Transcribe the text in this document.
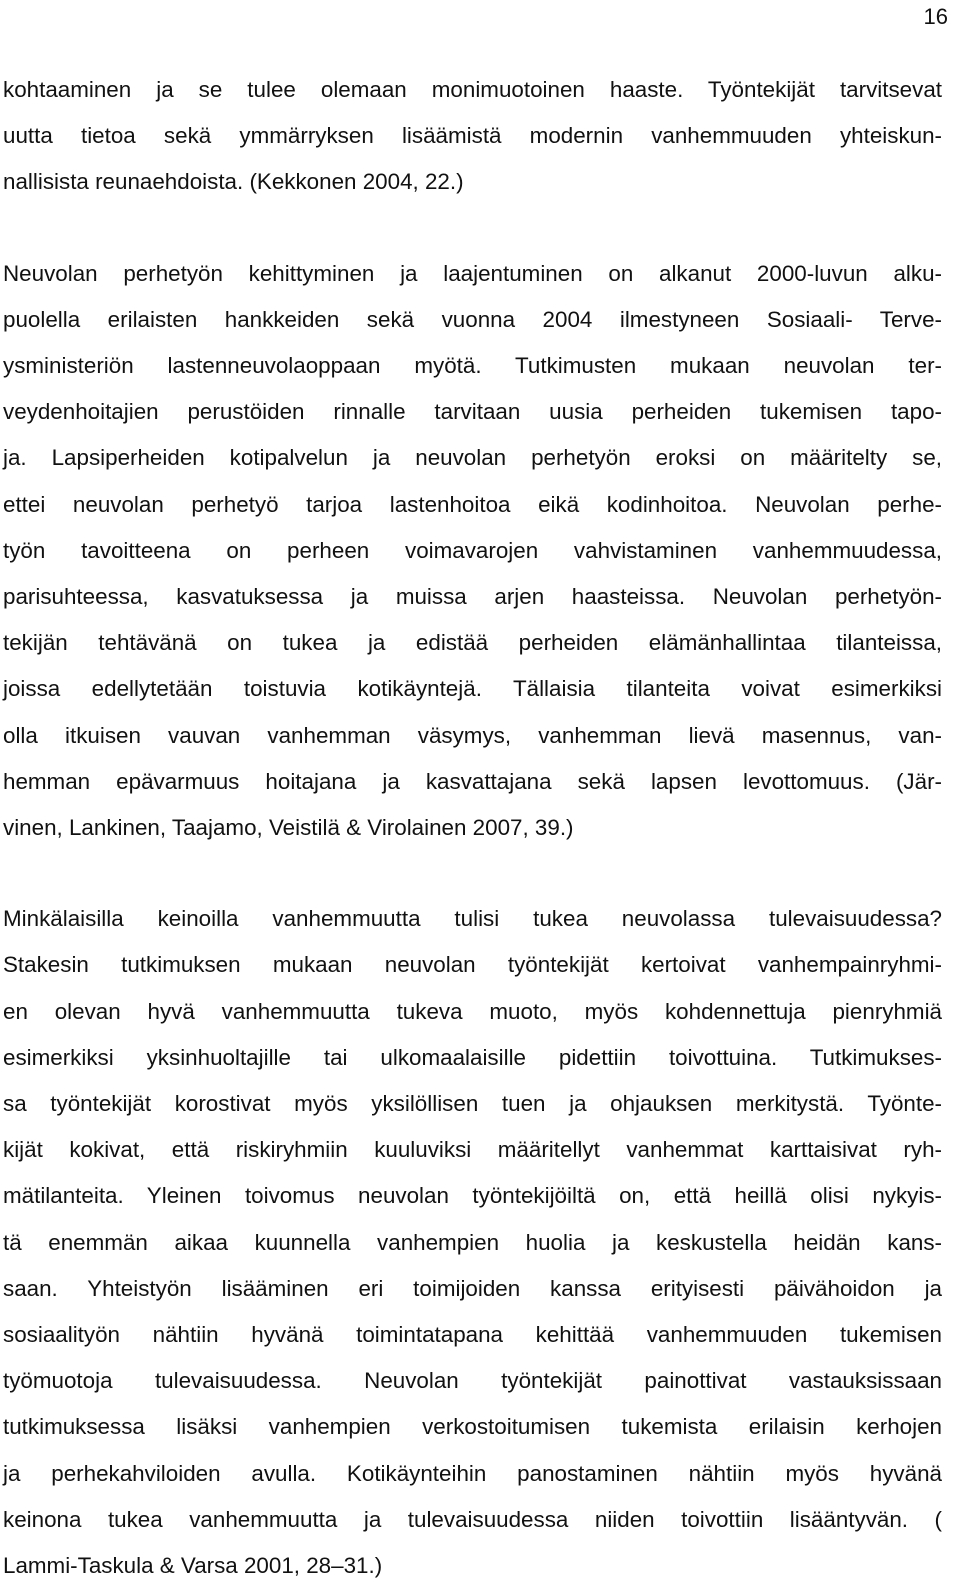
16

kohtaaminen ja se tulee olemaan monimuotoinen haaste. Työntekijät tarvitsevat
uutta tietoa sekä ymmärryksen lisäämistä modernin vanhemmuuden yhteiskun-
nallisista reunaehdoista. (Kekkonen 2004, 22.)

Neuvolan perhetyön kehittyminen ja laajentuminen on alkanut 2000-luvun alku-
puolella erilaisten hankkeiden sekä vuonna 2004 ilmestyneen Sosiaali- Terve-
ysministeriön lastenneuvolaoppaan myötä. Tutkimusten mukaan neuvolan ter-
veydenhoitajien perustöiden rinnalle tarvitaan uusia perheiden tukemisen tapo-
ja. Lapsiperheiden kotipalvelun ja neuvolan perhetyön eroksi on määritelty se,
ettei neuvolan perhetyö tarjoa lastenhoitoa eikä kodinhoitoa. Neuvolan perhe-
työn tavoitteena on perheen voimavarojen vahvistaminen vanhemmuudessa,
parisuhteessa, kasvatuksessa ja muissa arjen haasteissa. Neuvolan perhetyön-
tekijän tehtävänä on tukea ja edistää perheiden elämänhallintaa tilanteissa,
joissa edellytetään toistuvia kotikäyntejä. Tällaisia tilanteita voivat esimerkiksi
olla itkuisen vauvan vanhemman väsymys, vanhemman lievä masennus, van-
hemman epävarmuus hoitajana ja kasvattajana sekä lapsen levottomuus. (Jär-
vinen, Lankinen, Taajamo, Veistilä & Virolainen 2007, 39.)

Minkälaisilla keinoilla vanhemmuutta tulisi tukea neuvolassa tulevaisuudessa?
Stakesin tutkimuksen mukaan neuvolan työntekijät kertoivat vanhempainryhmi-
en olevan hyvä vanhemmuutta tukeva muoto, myös kohdennettuja pienryhmiä
esimerkiksi yksinhuoltajille tai ulkomaalaisille pidettiin toivottuina. Tutkimukses-
sa työntekijät korostivat myös yksilöllisen tuen ja ohjauksen merkitystä. Työnte-
kijät kokivat, että riskiryhmiin kuuluviksi määritellyt vanhemmat karttaisivat ryh-
mätilanteita. Yleinen toivomus neuvolan työntekijöiltä on, että heillä olisi nykyis-
tä enemmän aikaa kuunnella vanhempien huolia ja keskustella heidän kans-
saan. Yhteistyön lisääminen eri toimijoiden kanssa erityisesti päivähoidon ja
sosiaalityön nähtiin hyvänä toimintatapana kehittää vanhemmuuden tukemisen
työmuotoja tulevaisuudessa. Neuvolan työntekijät painottivat vastauksissaan
tutkimuksessa lisäksi vanhempien verkostoitumisen tukemista erilaisin kerhojen
ja perhekahviloiden avulla. Kotikäynteihin panostaminen nähtiin myös hyvänä
keinona tukea vanhemmuutta ja tulevaisuudessa niiden toivottiin lisääntyvän. (
Lammi-Taskula & Varsa 2001, 28–31.)
